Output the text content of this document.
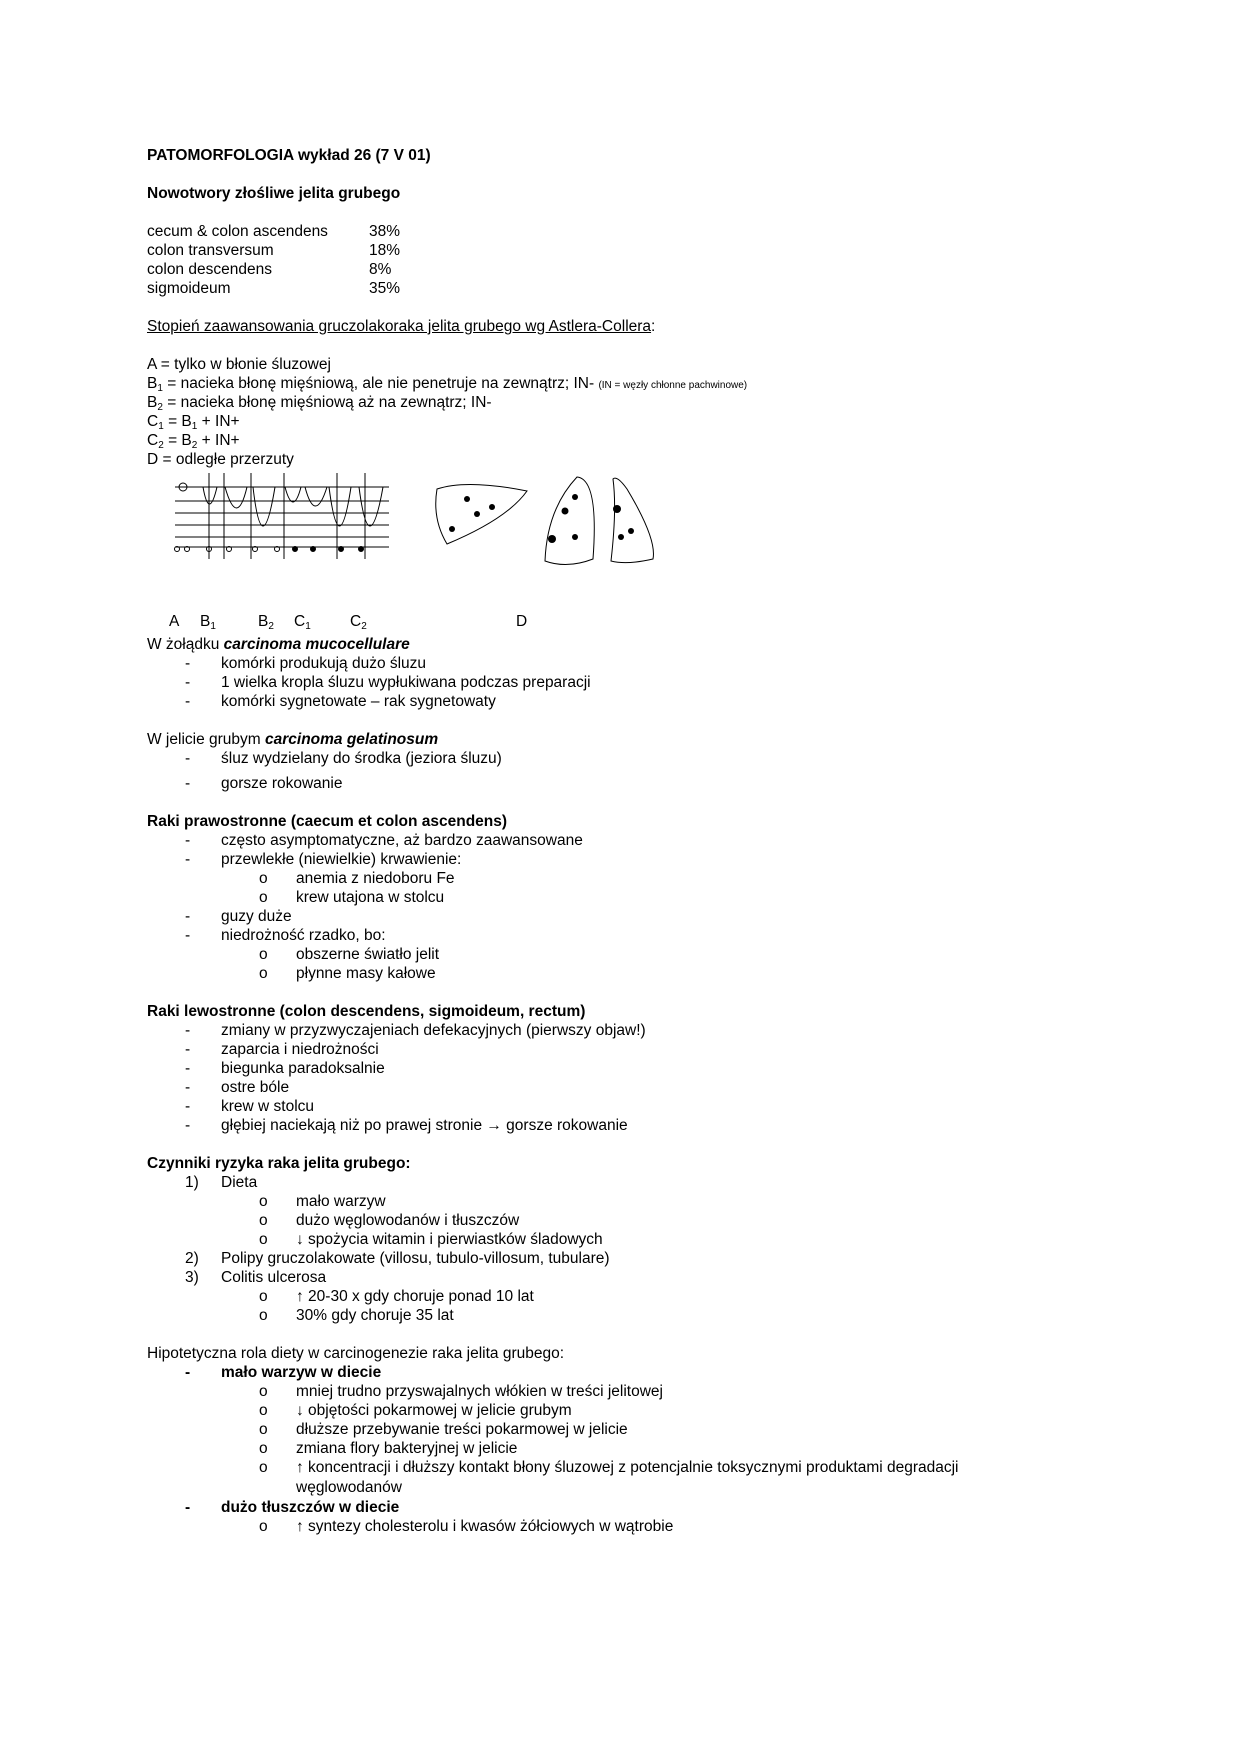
PATOMORFOLOGIA wykład 26 (7 V 01)
Nowotwory złośliwe jelita grubego
cecum & colon ascendens	38%
colon transversum	18%
colon descendens	8%
sigmoideum	35%
Stopień zaawansowania gruczolakoraka jelita grubego wg Astlera-Collera:
A = tylko w błonie śluzowej
$B_1$ = nacieka błonę mięśniową, ale nie penetruje na zewnątrz; IN- (IN = węzły chłonne pachwinowe)
$B_2$ = nacieka błonę mięśniową aż na zewnątrz; IN-
$C_1 = B_1 + IN+$
$C_2 = B_2 + IN+$
D = odległe przerzuty
A $B_1$	$B_2$ $C_1$	$C_2$	D
W żołądku carcinoma mucocellulare
- komórki produkują dużo śluzu
- 1 wielka kropla śluzu wypłukiwana podczas preparacji
- komórki sygnetowate – rak sygnetowaty
W jelicie grubym carcinoma gelatinosum
- śluz wydzielany do środka (jeziora śluzu)
- gorsze rokowanie
Raki prawostronne (caecum et colon ascendens)
- często asymptomatyczne, aż bardzo zaawansowane
- przewlekłe (niewielkie) krwawienie:
o anemia z niedoboru Fe
o krew utajona w stolcu
- guzy duże
- niedrożność rzadko, bo:
o obszerne światło jelit
o płynne masy kałowe
Raki lewostronne (colon descendens, sigmoideum, rectum)
- zmiany w przyzwyczajeniach defekacyjnych (pierwszy objaw!)
- zaparcia i niedrożności
- biegunka paradoksalnie
- ostre bóle
- krew w stolcu
- głębiej naciekają niż po prawej stronie → gorsze rokowanie
Czynniki ryzyka raka jelita grubego:
1) Dieta
o mało warzyw
o dużo węglowodanów i tłuszczów
o ↓ spożycia witamin i pierwiastków śladowych
2) Polipy gruczolakowate (villosu, tubulo-villosum, tubulare)
3) Colitis ulcerosa
o ↑ 20-30 x gdy choruje ponad 10 lat
o 30% gdy choruje 35 lat
Hipotetyczna rola diety w carcinogenezie raka jelita grubego:
- mało warzyw w diecie
o mniej trudno przyswajalnych włókien w treści jelitowej
o ↓ objętości pokarmowej w jelicie grubym
o dłuższe przebywanie treści pokarmowej w jelicie
o zmiana flory bakteryjnej w jelicie
o ↑ koncentracji i dłuższy kontakt błony śluzowej z potencjalnie toksycznymi produktami degradacji węglowodanów
- dużo tłuszczów w diecie
o ↑ syntezy cholesterolu i kwasów żółciowych w wątrobie
